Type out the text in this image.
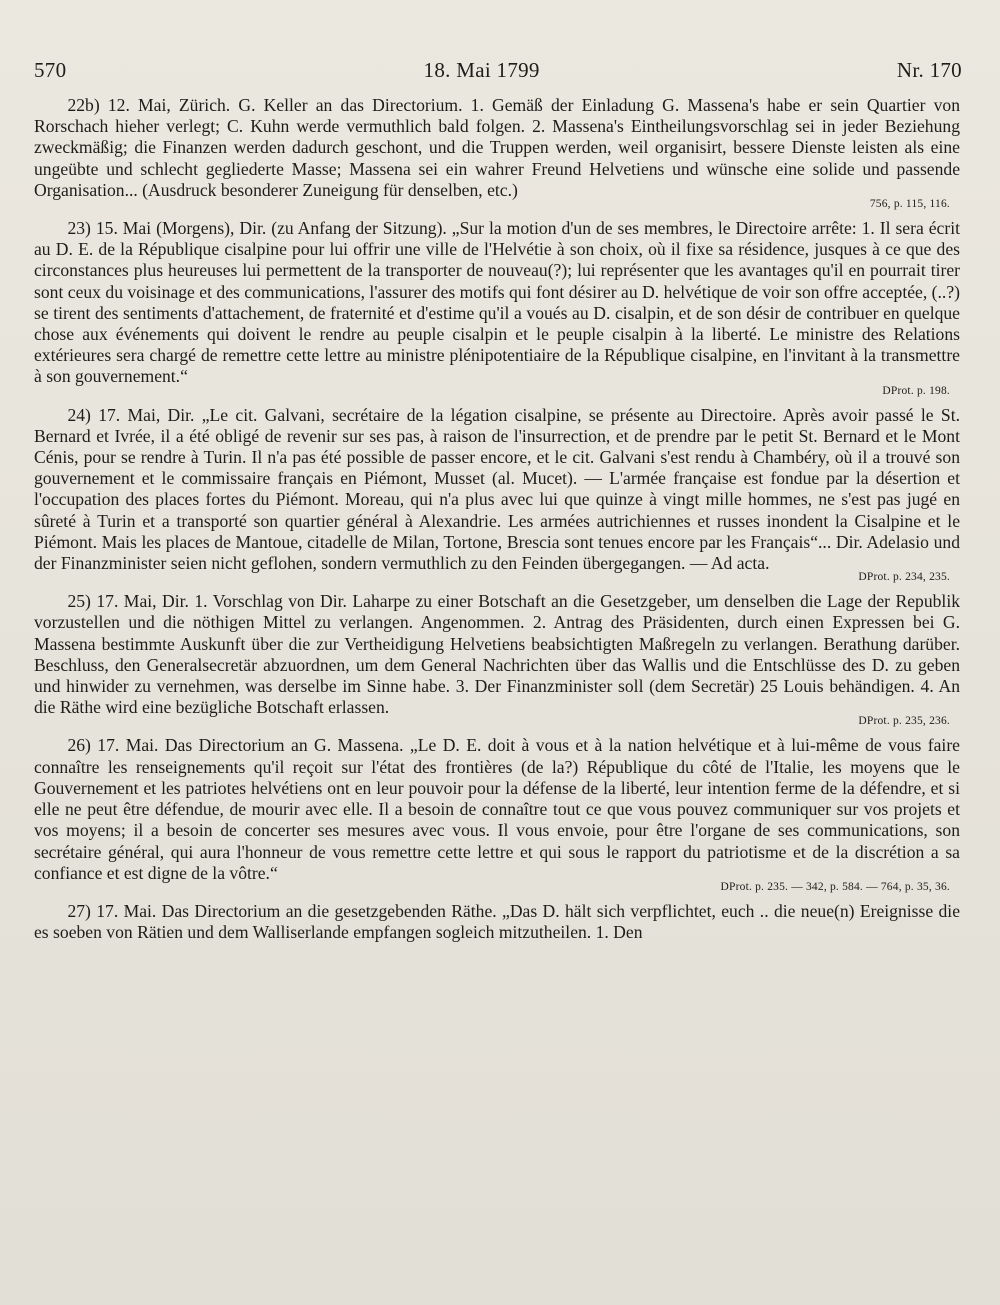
570	18. Mai 1799	Nr. 170
22b) 12. Mai, Zürich. G. Keller an das Directorium. 1. Gemäß der Einladung G. Massena's habe er sein Quartier von Rorschach hieher verlegt; C. Kuhn werde vermuthlich bald folgen. 2. Massena's Eintheilungsvorschlag sei in jeder Beziehung zweckmäßig; die Finanzen werden dadurch geschont, und die Truppen werden, weil organisirt, bessere Dienste leisten als eine ungeübte und schlecht gegliederte Masse; Massena sei ein wahrer Freund Helvetiens und wünsche eine solide und passende Organisation... (Ausdruck besonderer Zuneigung für denselben, etc.)
756, p. 115, 116.
23) 15. Mai (Morgens), Dir. (zu Anfang der Sitzung). „Sur la motion d'un de ses membres, le Directoire arrête: 1. Il sera écrit au D. E. de la République cisalpine pour lui offrir une ville de l'Helvétie à son choix, où il fixe sa résidence, jusques à ce que des circonstances plus heureuses lui permettent de la transporter de nouveau(?); lui représenter que les avantages qu'il en pourrait tirer sont ceux du voisinage et des communications, l'assurer des motifs qui font désirer au D. helvétique de voir son offre acceptée, (..?) se tirent des sentiments d'attachement, de fraternité et d'estime qu'il a voués au D. cisalpin, et de son désir de contribuer en quelque chose aux événements qui doivent le rendre au peuple cisalpin et le peuple cisalpin à la liberté. Le ministre des Relations extérieures sera chargé de remettre cette lettre au ministre plénipotentiaire de la République cisalpine, en l'invitant à la transmettre à son gouvernement.“
DProt. p. 198.
24) 17. Mai, Dir. „Le cit. Galvani, secrétaire de la légation cisalpine, se présente au Directoire. Après avoir passé le St. Bernard et Ivrée, il a été obligé de revenir sur ses pas, à raison de l'insurrection, et de prendre par le petit St. Bernard et le Mont Cénis, pour se rendre à Turin. Il n'a pas été possible de passer encore, et le cit. Galvani s'est rendu à Chambéry, où il a trouvé son gouvernement et le commissaire français en Piémont, Musset (al. Mucet). — L'armée française est fondue par la désertion et l'occupation des places fortes du Piémont. Moreau, qui n'a plus avec lui que quinze à vingt mille hommes, ne s'est pas jugé en sûreté à Turin et a transporté son quartier général à Alexandrie. Les armées autrichiennes et russes inondent la Cisalpine et le Piémont. Mais les places de Mantoue, citadelle de Milan, Tortone, Brescia sont tenues encore par les Français“... Dir. Adelasio und der Finanzminister seien nicht geflohen, sondern vermuthlich zu den Feinden übergegangen. — Ad acta.
DProt. p. 234, 235.
25) 17. Mai, Dir. 1. Vorschlag von Dir. Laharpe zu einer Botschaft an die Gesetzgeber, um denselben die Lage der Republik vorzustellen und die nöthigen Mittel zu verlangen. Angenommen. 2. Antrag des Präsidenten, durch einen Expressen bei G. Massena bestimmte Auskunft über die zur Vertheidigung Helvetiens beabsichtigten Maßregeln zu verlangen. Berathung darüber. Beschluss, den Generalsecretär abzuordnen, um dem General Nachrichten über das Wallis und die Entschlüsse des D. zu geben und hinwider zu vernehmen, was derselbe im Sinne habe. 3. Der Finanzminister soll (dem Secretär) 25 Louis behändigen. 4. An die Räthe wird eine bezügliche Botschaft erlassen.
DProt. p. 235, 236.
26) 17. Mai. Das Directorium an G. Massena. „Le D. E. doit à vous et à la nation helvétique et à lui-même de vous faire connaître les renseignements qu'il reçoit sur l'état des frontières (de la?) République du côté de l'Italie, les moyens que le Gouvernement et les patriotes helvétiens ont en leur pouvoir pour la défense de la liberté, leur intention ferme de la défendre, et si elle ne peut être défendue, de mourir avec elle. Il a besoin de connaître tout ce que vous pouvez communiquer sur vos projets et vos moyens; il a besoin de concerter ses mesures avec vous. Il vous envoie, pour être l'organe de ses communications, son secrétaire général, qui aura l'honneur de vous remettre cette lettre et qui sous le rapport du patriotisme et de la discrétion a sa confiance et est digne de la vôtre.“
DProt. p. 235. — 342, p. 584. — 764, p. 35, 36.
27) 17. Mai. Das Directorium an die gesetzgebenden Räthe. „Das D. hält sich verpflichtet, euch .. die neue(n) Ereignisse die es soeben von Rätien und dem Walliserlande empfangen sogleich mitzutheilen. 1. Den
